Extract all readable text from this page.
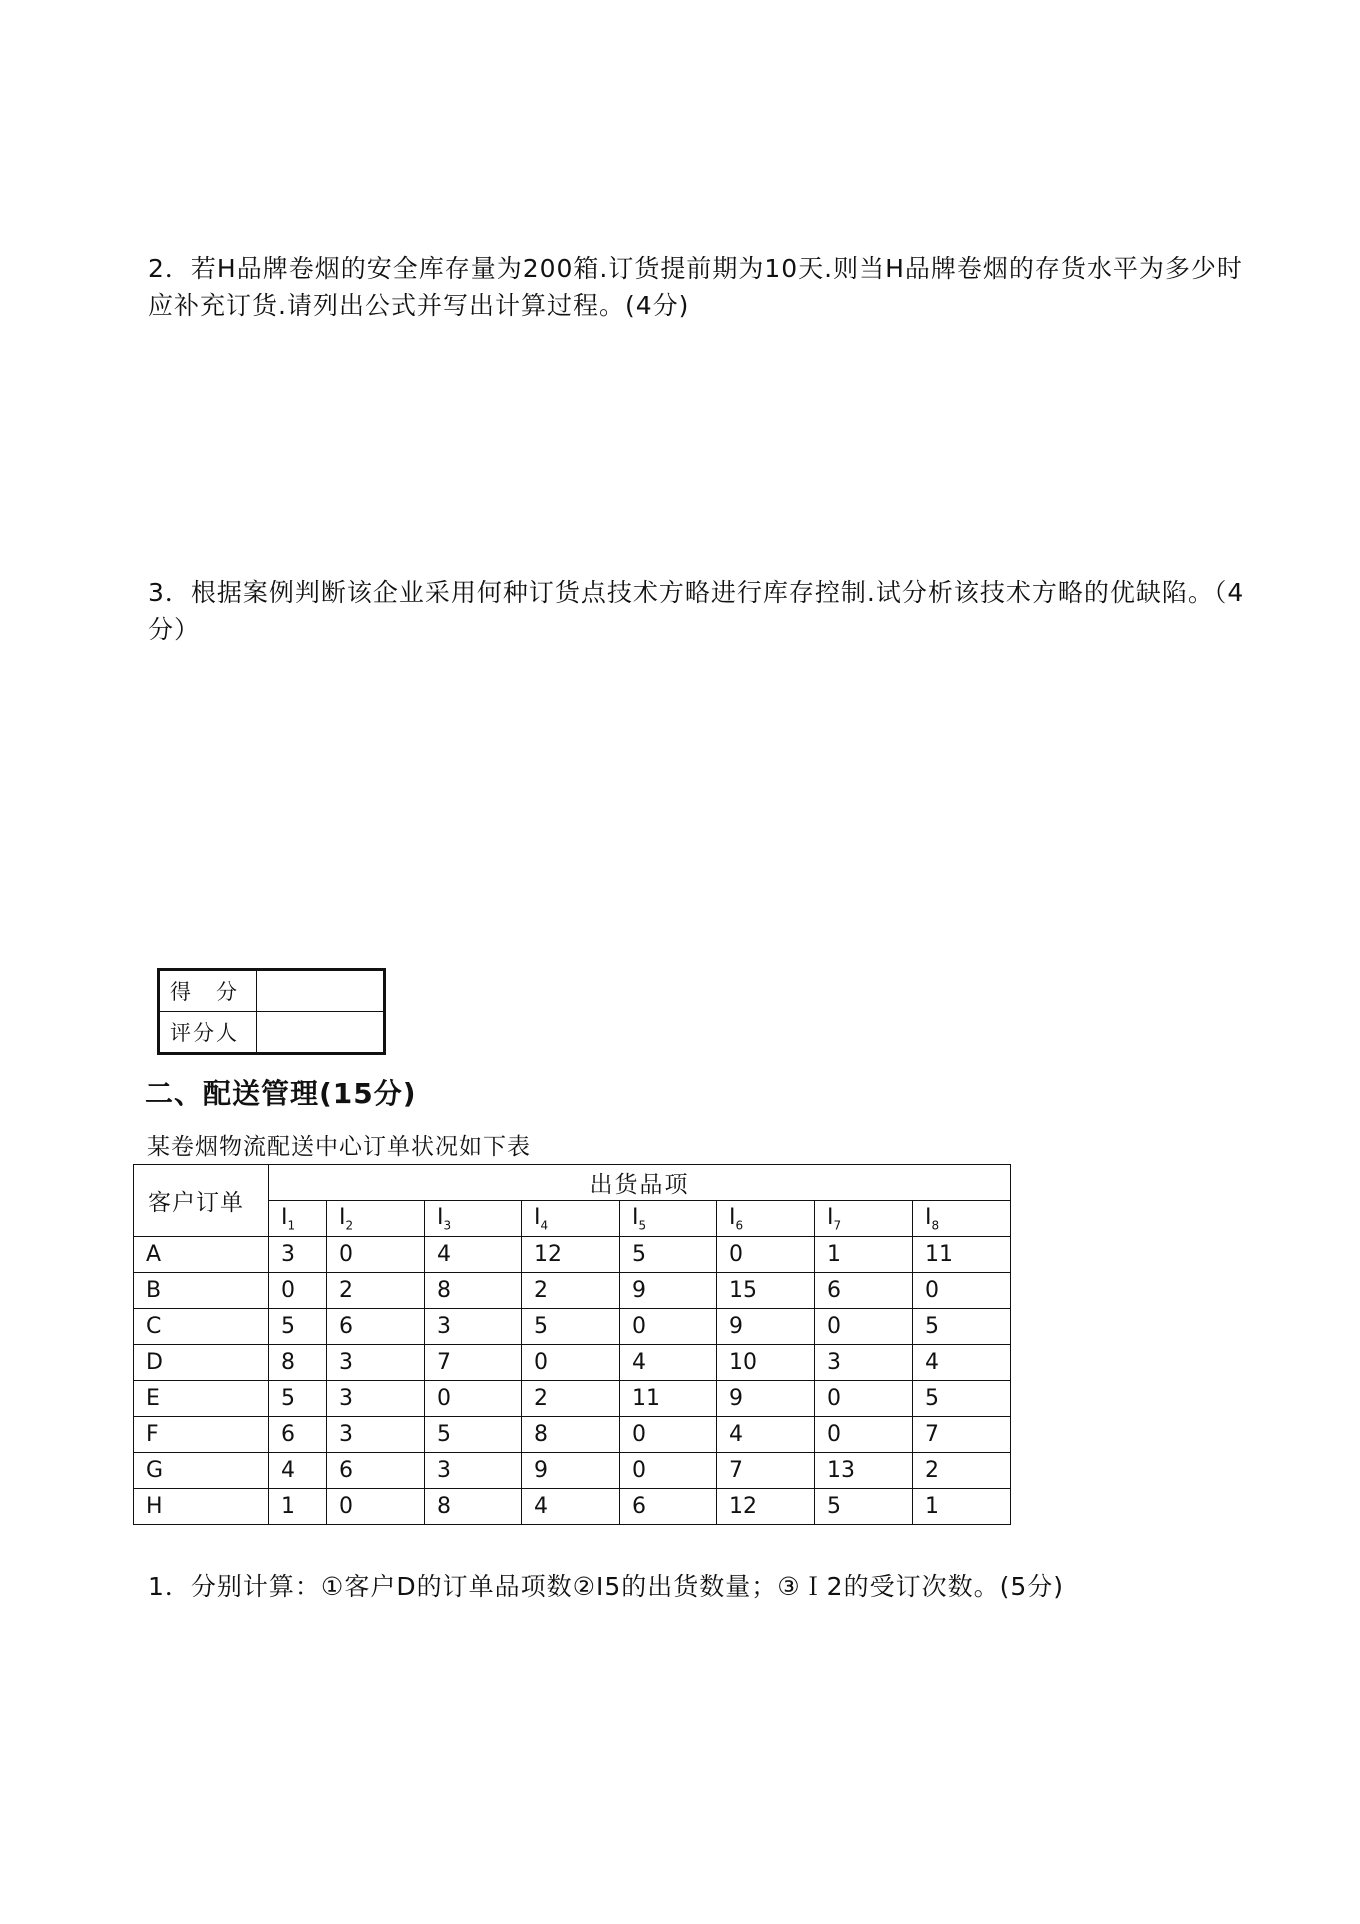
2．若H品牌卷烟的安全库存量为200箱.订货提前期为10天.则当H品牌卷烟的存货水平为多少时应补充订货.请列出公式并写出计算过程。(4分)

3．根据案例判断该企业采用何种订货点技术方略进行库存控制.试分析该技术方略的优缺陷。（4分）

得　分	
评分人	
二、配送管理(15分)

某卷烟物流配送中心订单状况如下表

客户订单	出货品项							
	$I_1$	$I_2$	$I_3$	$I_4$	$I_5$	$I_6$	$I_7$	$I_8$
A	3	0	4	12	5	0	1	11
B	0	2	8	2	9	15	6	0
C	5	6	3	5	0	9	0	5
D	8	3	7	0	4	10	3	4
E	5	3	0	2	11	9	0	5
F	6	3	5	8	0	4	0	7
G	4	6	3	9	0	7	13	2
H	1	0	8	4	6	12	5	1

1．分别计算：①客户D的订单品项数②I5的出货数量；③Ｉ2的受订次数。(5分)
